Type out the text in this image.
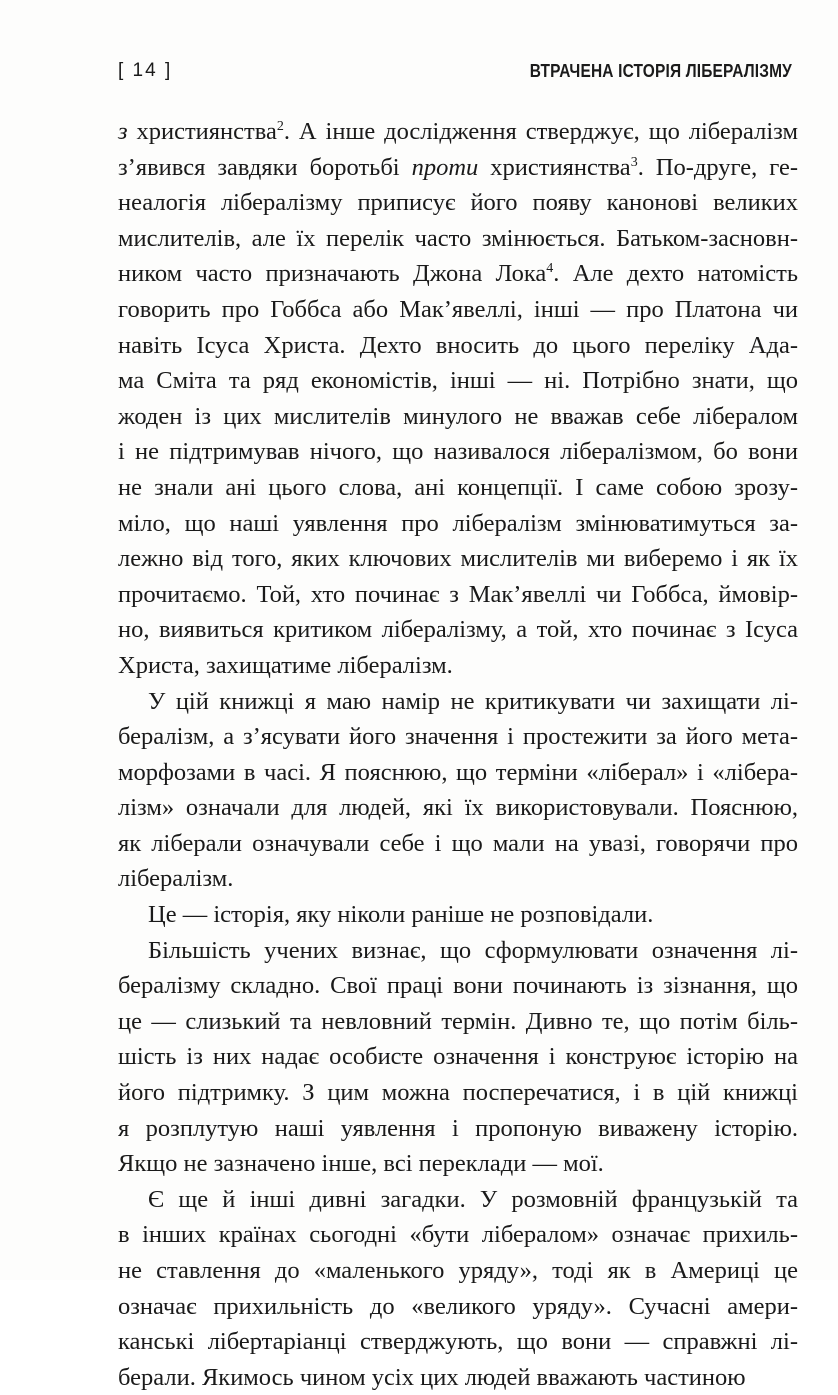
[ 14 ]	ВТРАЧЕНА ІСТОРІЯ ЛІБЕРАЛІЗМУ
з християнства$^2$. А інше дослідження стверджує, що лібералізм
з’явився завдяки боротьбі проти християнства$^3$. По-друге, ге-
неалогія лібералізму приписує його появу канонові великих
мислителів, але їх перелік часто змінюється. Батьком-засновн-
ником часто призначають Джона Лока$^4$. Але дехто натомість
говорить про Гоббса або Мак’явеллі, інші — про Платона чи
навіть Ісуса Христа. Дехто вносить до цього переліку Ада-
ма Сміта та ряд економістів, інші — ні. Потрібно знати, що
жоден із цих мислителів минулого не вважав себе лібералом
і не підтримував нічого, що називалося лібералізмом, бо вони
не знали ані цього слова, ані концепції. І саме собою зрозу-
міло, що наші уявлення про лібералізм змінюватимуться за-
лежно від того, яких ключових мислителів ми виберемо і як їх
прочитаємо. Той, хто починає з Мак’явеллі чи Гоббса, ймовір-
но, виявиться критиком лібералізму, а той, хто починає з Ісуса
Христа, захищатиме лібералізм.
У цій книжці я маю намір не критикувати чи захищати лі-
бералізм, а з’ясувати його значення і простежити за його мета-
морфозами в часі. Я пояснюю, що терміни «ліберал» і «лібера-
лізм» означали для людей, які їх використовували. Пояснюю,
як ліберали означували себе і що мали на увазі, говорячи про
лібералізм.
Це — історія, яку ніколи раніше не розповідали.
Більшість учених визнає, що сформулювати означення лі-
бералізму складно. Свої праці вони починають із зізнання, що
це — слизький та невловний термін. Дивно те, що потім біль-
шість із них надає особисте означення і конструює історію на
його підтримку. З цим можна посперечатися, і в цій книжці
я розплутую наші уявлення і пропоную виважену історію.
Якщо не зазначено інше, всі переклади — мої.
Є ще й інші дивні загадки. У розмовній французькій та
в інших країнах сьогодні «бути лібералом» означає прихиль-
не ставлення до «маленького уряду», тоді як в Америці це
означає прихильність до «великого уряду». Сучасні амери-
канські лібертаріанці стверджують, що вони — справжні лі-
берали. Якимось чином усіх цих людей вважають частиною
